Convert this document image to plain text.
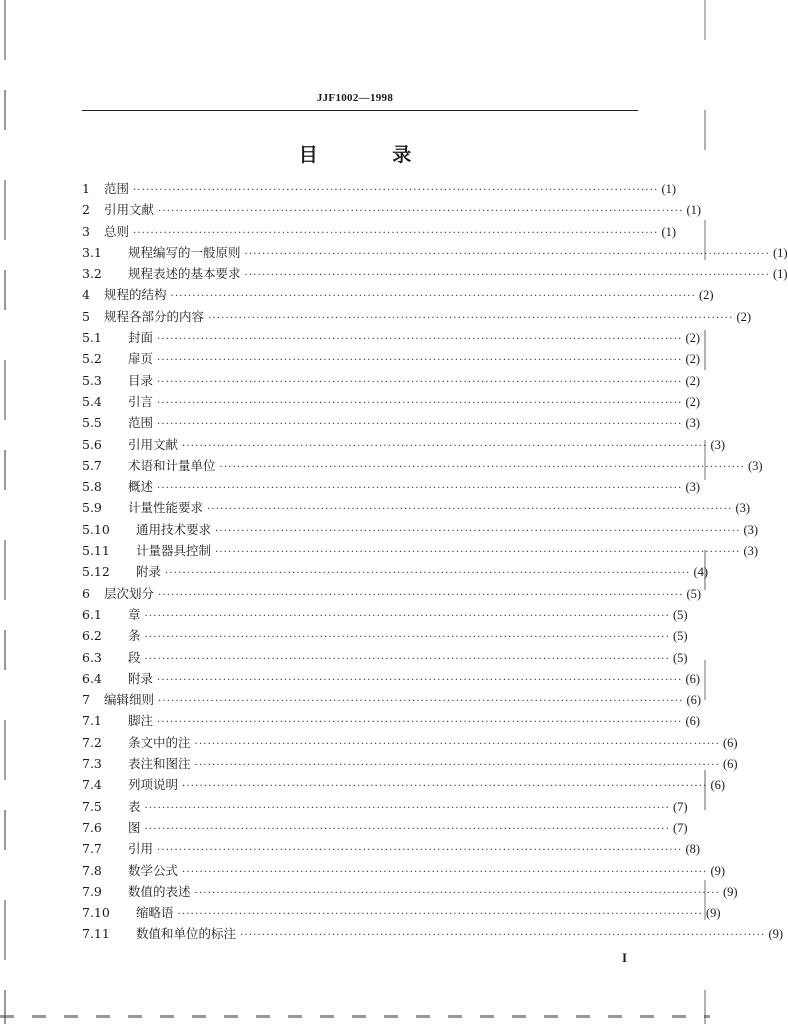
JJF1002—1998
目 录
1	范围 ························································································································ (1)
2	引用文献 ························································································································ (1)
3	总则 ························································································································ (1)
3.1	规程编写的一般原则 ························································································································ (1)
3.2	规程表述的基本要求 ························································································································ (1)
4	规程的结构 ························································································································ (2)
5	规程各部分的内容 ························································································································ (2)
5.1	封面 ························································································································ (2)
5.2	扉页 ························································································································ (2)
5.3	目录 ························································································································ (2)
5.4	引言 ························································································································ (2)
5.5	范围 ························································································································ (3)
5.6	引用文献 ························································································································ (3)
5.7	术语和计量单位 ························································································································ (3)
5.8	概述 ························································································································ (3)
5.9	计量性能要求 ························································································································ (3)
5.10	通用技术要求 ························································································································ (3)
5.11	计量器具控制 ························································································································ (3)
5.12	附录 ························································································································ (4)
6	层次划分 ························································································································ (5)
6.1	章 ························································································································ (5)
6.2	条 ························································································································ (5)
6.3	段 ························································································································ (5)
6.4	附录 ························································································································ (6)
7	编辑细则 ························································································································ (6)
7.1	脚注 ························································································································ (6)
7.2	条文中的注 ························································································································ (6)
7.3	表注和图注 ························································································································ (6)
7.4	列项说明 ························································································································ (6)
7.5	表 ························································································································ (7)
7.6	图 ························································································································ (7)
7.7	引用 ························································································································ (8)
7.8	数学公式 ························································································································ (9)
7.9	数值的表述 ························································································································ (9)
7.10	缩略语 ························································································································ (9)
7.11	数值和单位的标注 ························································································································ (9)
I
